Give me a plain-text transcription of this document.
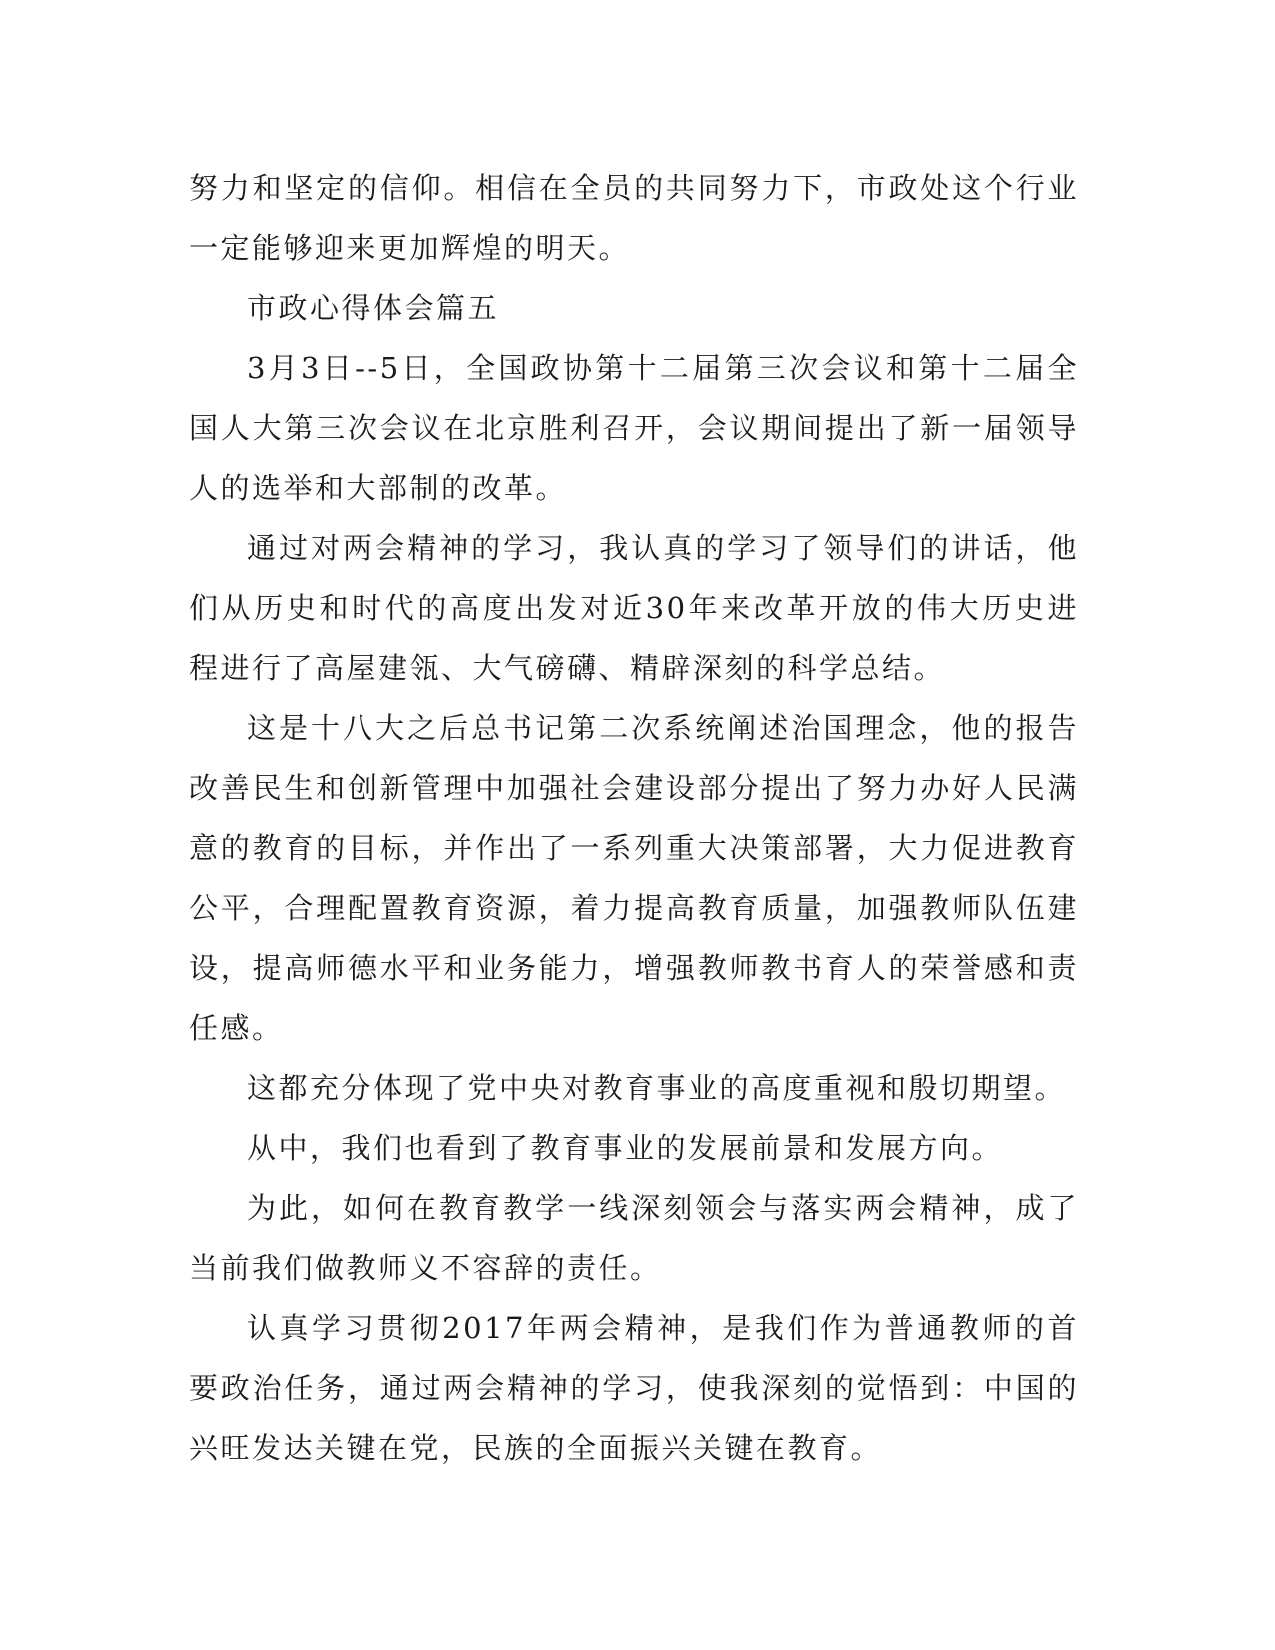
努力和坚定的信仰。相信在全员的共同努力下，市政处这个行业一定能够迎来更加辉煌的明天。

市政心得体会篇五

3月3日--5日，全国政协第十二届第三次会议和第十二届全国人大第三次会议在北京胜利召开，会议期间提出了新一届领导人的选举和大部制的改革。

通过对两会精神的学习，我认真的学习了领导们的讲话，他们从历史和时代的高度出发对近30年来改革开放的伟大历史进程进行了高屋建瓴、大气磅礴、精辟深刻的科学总结。

这是十八大之后总书记第二次系统阐述治国理念，他的报告改善民生和创新管理中加强社会建设部分提出了努力办好人民满意的教育的目标，并作出了一系列重大决策部署，大力促进教育公平，合理配置教育资源，着力提高教育质量，加强教师队伍建设，提高师德水平和业务能力，增强教师教书育人的荣誉感和责任感。

这都充分体现了党中央对教育事业的高度重视和殷切期望。

从中，我们也看到了教育事业的发展前景和发展方向。

为此，如何在教育教学一线深刻领会与落实两会精神，成了当前我们做教师义不容辞的责任。

认真学习贯彻2017年两会精神，是我们作为普通教师的首要政治任务，通过两会精神的学习，使我深刻的觉悟到：中国的兴旺发达关键在党，民族的全面振兴关键在教育。
